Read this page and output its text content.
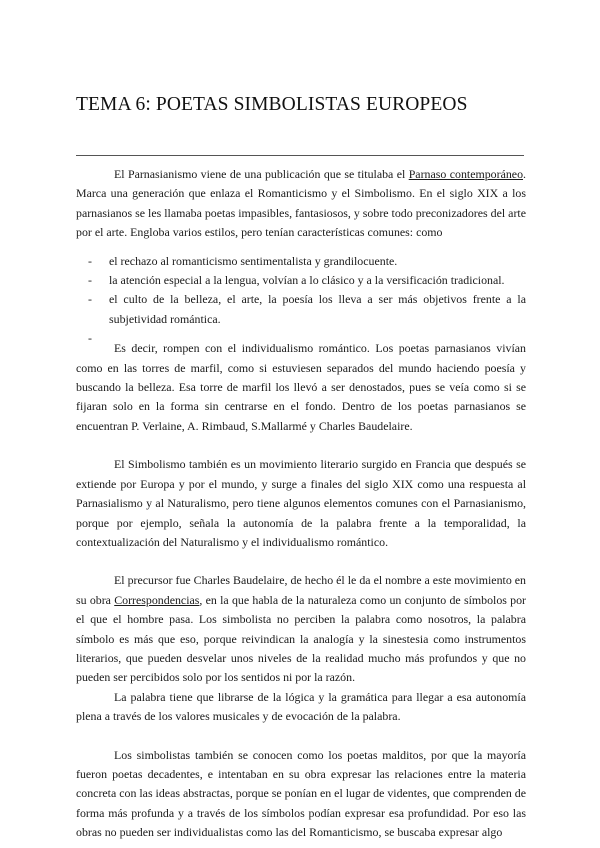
TEMA 6: POETAS SIMBOLISTAS EUROPEOS

El Parnasianismo viene de una publicación que se titulaba el Parnaso contemporáneo. Marca una generación que enlaza el Romanticismo y el Simbolismo. En el siglo XIX a los parnasianos se les llamaba poetas impasibles, fantasiosos, y sobre todo preconizadores del arte por el arte. Engloba varios estilos, pero tenían características comunes: como

- el rechazo al romanticismo sentimentalista y grandilocuente.
- la atención especial a la lengua, volvían a lo clásico y a la versificación tradicional.
- el culto de la belleza, el arte, la poesía los lleva a ser más objetivos frente a la subjetividad romántica.
-

Es decir, rompen con el individualismo romántico. Los poetas parnasianos vivían como en las torres de marfil, como si estuviesen separados del mundo haciendo poesía y buscando la belleza. Esa torre de marfil los llevó a ser denostados, pues se veía como si se fijaran solo en la forma sin centrarse en el fondo. Dentro de los poetas parnasianos se encuentran P. Verlaine, A. Rimbaud, S.Mallarmé y Charles Baudelaire.

El Simbolismo también es un movimiento literario surgido en Francia que después se extiende por Europa y por el mundo, y surge a finales del siglo XIX como una respuesta al Parnasialismo y al Naturalismo, pero tiene algunos elementos comunes con el Parnasianismo, porque por ejemplo, señala la autonomía de la palabra frente a la temporalidad, la contextualización del Naturalismo y el individualismo romántico.

El precursor fue Charles Baudelaire, de hecho él le da el nombre a este movimiento en su obra Correspondencias, en la que habla de la naturaleza como un conjunto de símbolos por el que el hombre pasa. Los simbolista no perciben la palabra como nosotros, la palabra símbolo es más que eso, porque reivindican la analogía y la sinestesia como instrumentos literarios, que pueden desvelar unos niveles de la realidad mucho más profundos y que no pueden ser percibidos solo por los sentidos ni por la razón.

La palabra tiene que librarse de la lógica y la gramática para llegar a esa autonomía plena a través de los valores musicales y de evocación de la palabra.

Los simbolistas también se conocen como los poetas malditos, por que la mayoría fueron poetas decadentes, e intentaban en su obra expresar las relaciones entre la materia concreta con las ideas abstractas, porque se ponían en el lugar de videntes, que comprenden de forma más profunda y a través de los símbolos podían expresar esa profundidad. Por eso las obras no pueden ser individualistas como las del Romanticismo, se buscaba expresar algo
